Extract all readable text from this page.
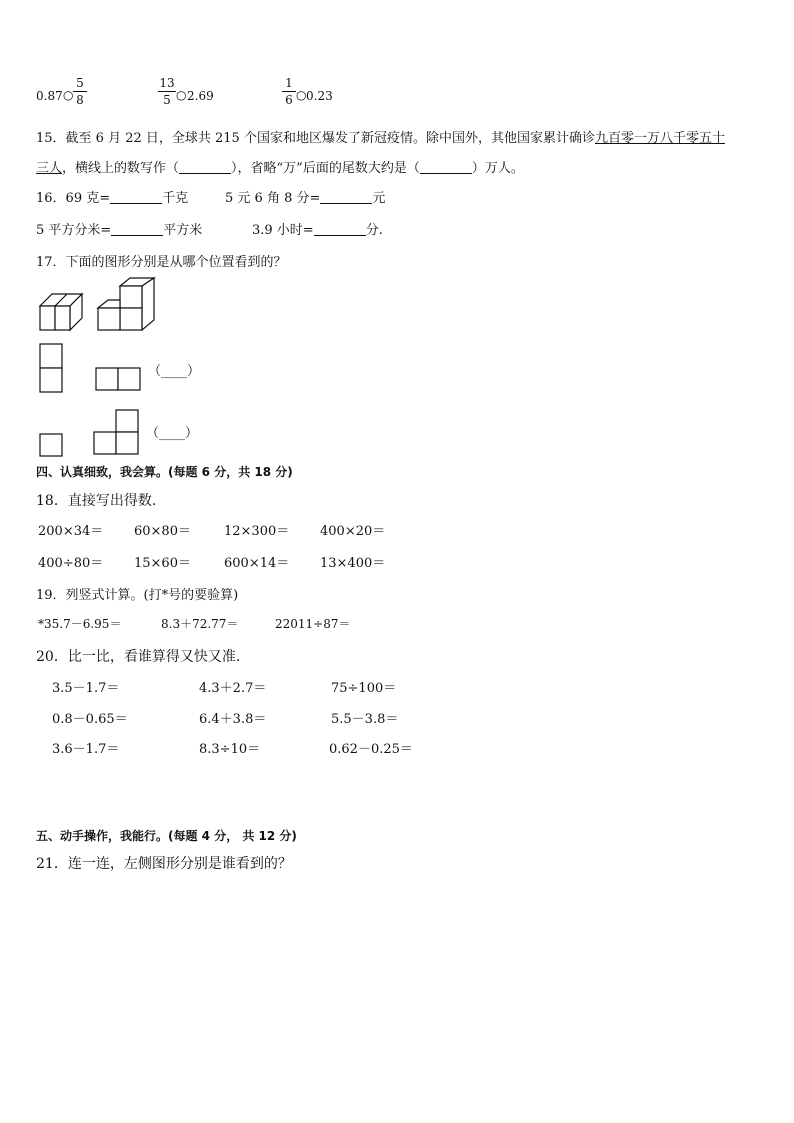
0.87 ○
5
8
13
5 ○ 2.69
1
6 ○ 0.23
15．截至 6 月 22 日，全球共 215 个国家和地区爆发了新冠疫情。除中国外，其他国家累计确诊九百零一万八千零五十
三人，横线上的数写作（	），省略“万”后面的尾数大约是（	）万人。
16．69 克=	千克	5 元 6 角 8 分=	元
5 平方分米=	平方米	3.9 小时=	分.
17．下面的图形分别是从哪个位置看到的？
（____）
（____）
四、认真细致，我会算。(每题 6 分，共 18 分)
18．直接写出得数.
200×34＝ 60×80＝	12×300＝ 400×20＝
400÷80＝ 15×60＝	600×14＝ 13×400＝
19．列竖式计算。(打*号的要验算)
*35.7－6.95＝	8.3＋72.77＝	22011÷87＝
20．比一比，看谁算得又快又准.
3.5－1.7＝	4.3＋2.7＝	75÷100＝
0.8－0.65＝	6.4＋3.8＝	5.5－3.8＝
3.6－1.7＝	8.3÷10＝	0.62－0.25＝
五、动手操作，我能行。(每题 4 分， 共 12 分)
21．连一连，左侧图形分别是谁看到的？
